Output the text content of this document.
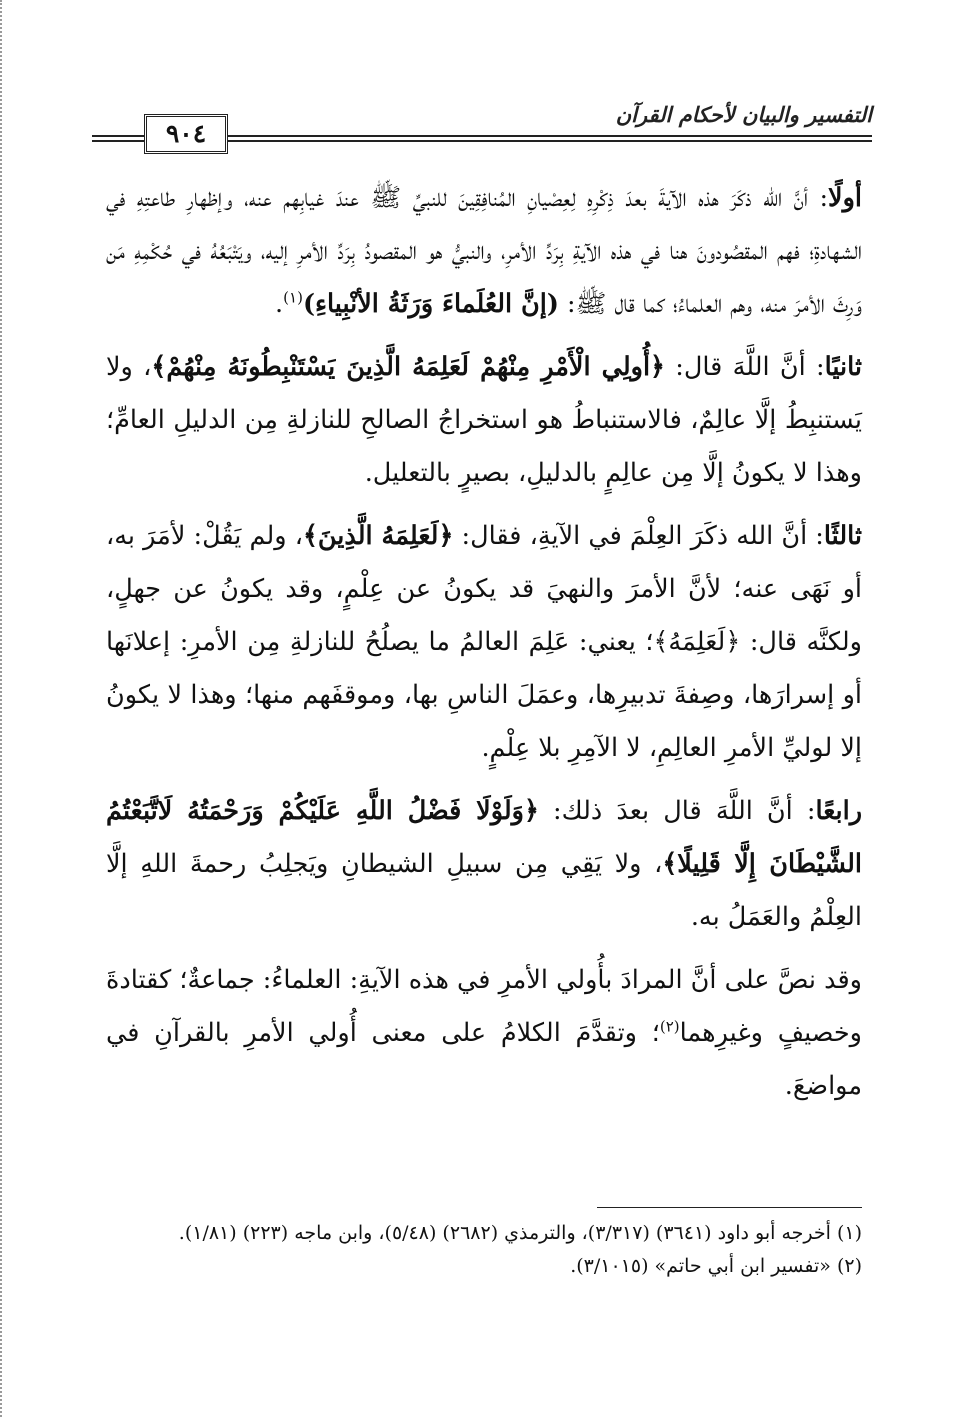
التفسير والبيان لأحكام القرآن
٩٠٤

أولًا: أنَّ الله ذكَرَ هذه الآيةَ بعدَ ذِكْرِهِ لِعِصْيانِ المُنافِقِينَ للنبيِّ ﷺ عندَ غيابِهم عنه، وإظهارِ طاعتِهِ في الشهادةِ؛ فهم المقصُودونَ هنا في هذه الآيةِ بِرَدِّ الأمرِ، والنبيُّ هو المقصودُ بِرَدِّ الأمرِ إليه، ويَتْبَعُهُ في حُكْمِهِ مَن وَرِثَ الأمرَ منه، وهم العلماءُ؛ كما قال ﷺ: (إنَّ العُلَماءَ وَرَثَةُ الأنْبِياءِ)$^{(١)}$.

ثانيًا: أنَّ اللَّهَ قال: ﴿أُولِي الْأَمْرِ مِنْهُمْ لَعَلِمَهُ الَّذِينَ يَسْتَنْبِطُونَهُ مِنْهُمْ﴾، ولا يَستنبِطُ إلَّا عالِمٌ، فالاستنباطُ هو استخراجُ الصالحِ للنازلةِ مِن الدليلِ العامِّ؛ وهذا لا يكونُ إلَّا مِن عالِمٍ بالدليلِ، بصيرٍ بالتعليل.

ثالثًا: أنَّ الله ذكَرَ العِلْمَ في الآيةِ، فقال: ﴿لَعَلِمَهُ الَّذِينَ﴾، ولم يَقُلْ: لأمَرَ به، أو نَهَى عنه؛ لأنَّ الأمرَ والنهيَ قد يكونُ عن عِلْمٍ، وقد يكونُ عن جهلٍ، ولكنَّه قال: ﴿لَعَلِمَهُ﴾؛ يعني: عَلِمَ العالمُ ما يصلُحُ للنازلةِ مِن الأمرِ: إعلانَها أو إسرارَها، وصِفةَ تدبيرِها، وعمَلَ الناسِ بها، وموقفَهم منها؛ وهذا لا يكونُ إلا لوليِّ الأمرِ العالِمِ، لا الآمِرِ بلا عِلْمٍ.

رابعًا: أنَّ اللَّهَ قال بعدَ ذلك: ﴿وَلَوْلَا فَضْلُ اللَّهِ عَلَيْكُمْ وَرَحْمَتُهُ لَاتَّبَعْتُمُ الشَّيْطَانَ إِلَّا قَلِيلًا﴾، ولا يَقِي مِن سبيلِ الشيطانِ ويَجلِبُ رحمةَ اللهِ إلَّا العِلْمُ والعَمَلُ به.

وقد نصَّ على أنَّ المرادَ بأُولي الأمرِ في هذه الآيةِ: العلماءُ: جماعةٌ؛ كقتادةَ وخصيفٍ وغيرِهما$^{(٢)}$؛ وتقدَّمَ الكلامُ على معنى أُولي الأمرِ بالقرآنِ في مواضعَ.

(١) أخرجه أبو داود (٣٦٤١) (٣/٣١٧)، والترمذي (٢٦٨٢) (٥/٤٨)، وابن ماجه (٢٢٣) (١/٨١).

(٢) «تفسير ابن أبي حاتم» (٣/١٠١٥).
